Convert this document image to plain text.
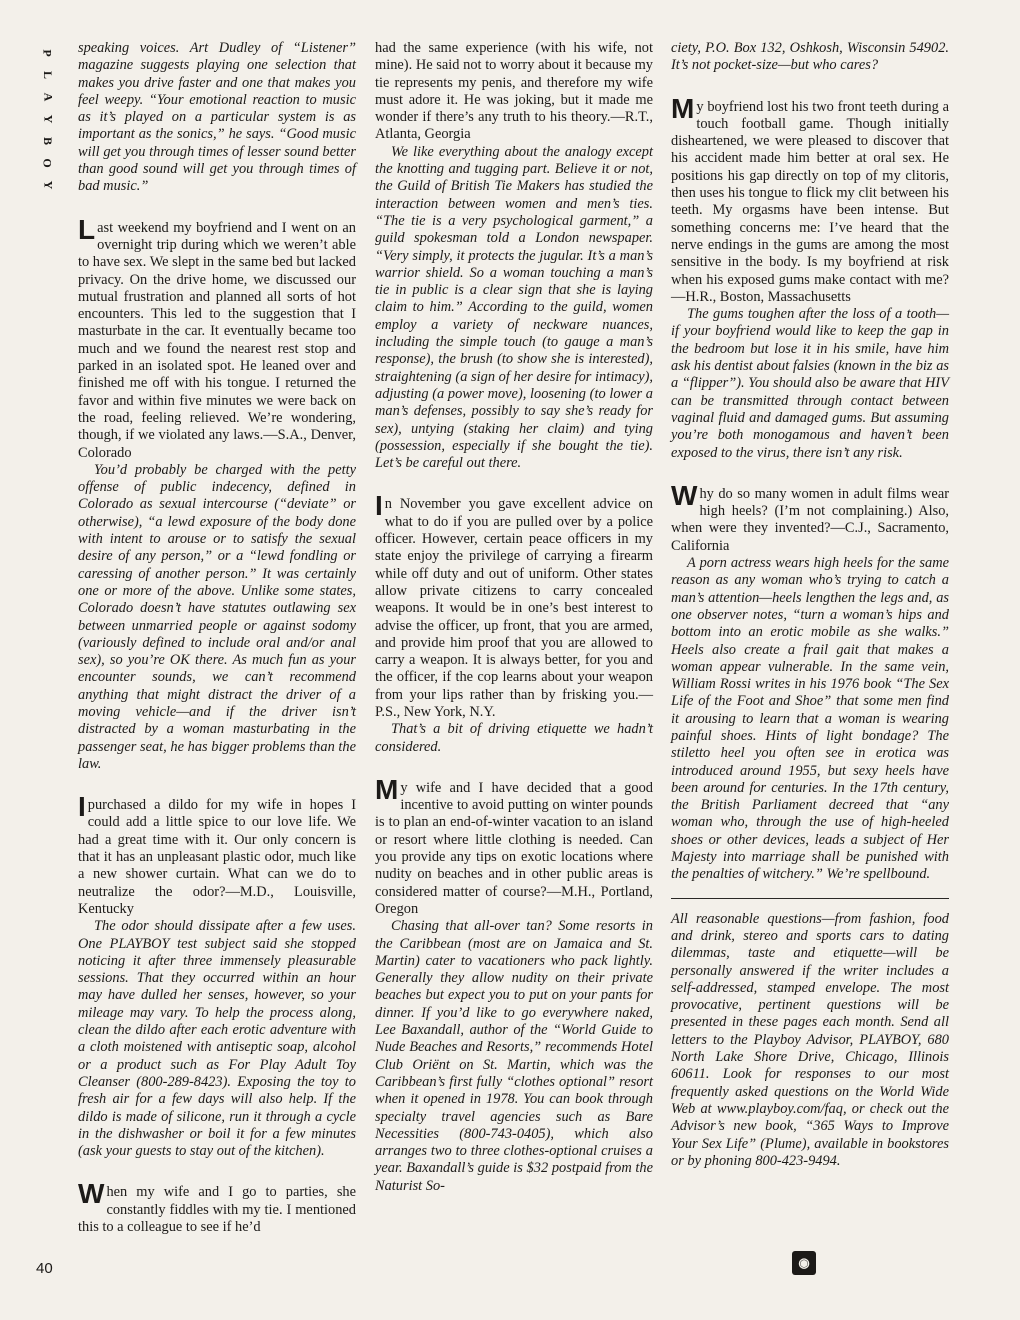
P
L
A
Y
B
O
Y

speaking voices. Art Dudley of “Listener” magazine suggests playing one selection that makes you drive faster and one that makes you feel weepy. “Your emotional reaction to music as it’s played on a particular system is as important as the sonics,” he says. “Good music will get you through times of lesser sound better than good sound will get you through times of bad music.”

Last weekend my boyfriend and I went on an overnight trip during which we weren’t able to have sex. We slept in the same bed but lacked privacy. On the drive home, we discussed our mutual frustration and planned all sorts of hot encounters. This led to the suggestion that I masturbate in the car. It eventually became too much and we found the nearest rest stop and parked in an isolated spot. He leaned over and finished me off with his tongue. I returned the favor and within five minutes we were back on the road, feeling relieved. We’re wondering, though, if we violated any laws.—S.A., Denver, Colorado

You’d probably be charged with the petty offense of public indecency, defined in Colorado as sexual intercourse (“deviate” or otherwise), “a lewd exposure of the body done with intent to arouse or to satisfy the sexual desire of any person,” or a “lewd fondling or caressing of another person.” It was certainly one or more of the above. Unlike some states, Colorado doesn’t have statutes outlawing sex between unmarried people or against sodomy (variously defined to include oral and/or anal sex), so you’re OK there. As much fun as your encounter sounds, we can’t recommend anything that might distract the driver of a moving vehicle—and if the driver isn’t distracted by a woman masturbating in the passenger seat, he has bigger problems than the law.

I purchased a dildo for my wife in hopes I could add a little spice to our love life. We had a great time with it. Our only concern is that it has an unpleasant plastic odor, much like a new shower curtain. What can we do to neutralize the odor?—M.D., Louisville, Kentucky

The odor should dissipate after a few uses. One PLAYBOY test subject said she stopped noticing it after three immensely pleasurable sessions. That they occurred within an hour may have dulled her senses, however, so your mileage may vary. To help the process along, clean the dildo after each erotic adventure with a cloth moistened with antiseptic soap, alcohol or a product such as For Play Adult Toy Cleanser (800-289-8423). Exposing the toy to fresh air for a few days will also help. If the dildo is made of silicone, run it through a cycle in the dishwasher or boil it for a few minutes (ask your guests to stay out of the kitchen).

When my wife and I go to parties, she constantly fiddles with my tie. I mentioned this to a colleague to see if he’d

had the same experience (with his wife, not mine). He said not to worry about it because my tie represents my penis, and therefore my wife must adore it. He was joking, but it made me wonder if there’s any truth to his theory.—R.T., Atlanta, Georgia

We like everything about the analogy except the knotting and tugging part. Believe it or not, the Guild of British Tie Makers has studied the interaction between women and men’s ties. “The tie is a very psychological garment,” a guild spokesman told a London newspaper. “Very simply, it protects the jugular. It’s a man’s warrior shield. So a woman touching a man’s tie in public is a clear sign that she is laying claim to him.” According to the guild, women employ a variety of neckware nuances, including the simple touch (to gauge a man’s response), the brush (to show she is interested), straightening (a sign of her desire for intimacy), adjusting (a power move), loosening (to lower a man’s defenses, possibly to say she’s ready for sex), untying (staking her claim) and tying (possession, especially if she bought the tie). Let’s be careful out there.

In November you gave excellent advice on what to do if you are pulled over by a police officer. However, certain peace officers in my state enjoy the privilege of carrying a firearm while off duty and out of uniform. Other states allow private citizens to carry concealed weapons. It would be in one’s best interest to advise the officer, up front, that you are armed, and provide him proof that you are allowed to carry a weapon. It is always better, for you and the officer, if the cop learns about your weapon from your lips rather than by frisking you.—P.S., New York, N.Y.

That’s a bit of driving etiquette we hadn’t considered.

My wife and I have decided that a good incentive to avoid putting on winter pounds is to plan an end-of-winter vacation to an island or resort where little clothing is needed. Can you provide any tips on exotic locations where nudity on beaches and in other public areas is considered matter of course?—M.H., Portland, Oregon

Chasing that all-over tan? Some resorts in the Caribbean (most are on Jamaica and St. Martin) cater to vacationers who pack lightly. Generally they allow nudity on their private beaches but expect you to put on your pants for dinner. If you’d like to go everywhere naked, Lee Baxandall, author of the “World Guide to Nude Beaches and Resorts,” recommends Hotel Club Oriënt on St. Martin, which was the Caribbean’s first fully “clothes optional” resort when it opened in 1978. You can book through specialty travel agencies such as Bare Necessities (800-743-0405), which also arranges two to three clothes-optional cruises a year. Baxandall’s guide is $32 postpaid from the Naturist So-

ciety, P.O. Box 132, Oshkosh, Wisconsin 54902. It’s not pocket-size—but who cares?

My boyfriend lost his two front teeth during a touch football game. Though initially disheartened, we were pleased to discover that his accident made him better at oral sex. He positions his gap directly on top of my clitoris, then uses his tongue to flick my clit between his teeth. My orgasms have been intense. But something concerns me: I’ve heard that the nerve endings in the gums are among the most sensitive in the body. Is my boyfriend at risk when his exposed gums make contact with me?—H.R., Boston, Massachusetts

The gums toughen after the loss of a tooth—if your boyfriend would like to keep the gap in the bedroom but lose it in his smile, have him ask his dentist about falsies (known in the biz as a “flipper”). You should also be aware that HIV can be transmitted through contact between vaginal fluid and damaged gums. But assuming you’re both monogamous and haven’t been exposed to the virus, there isn’t any risk.

Why do so many women in adult films wear high heels? (I’m not complaining.) Also, when were they invented?—C.J., Sacramento, California

A porn actress wears high heels for the same reason as any woman who’s trying to catch a man’s attention—heels lengthen the legs and, as one observer notes, “turn a woman’s hips and bottom into an erotic mobile as she walks.” Heels also create a frail gait that makes a woman appear vulnerable. In the same vein, William Rossi writes in his 1976 book “The Sex Life of the Foot and Shoe” that some men find it arousing to learn that a woman is wearing painful shoes. Hints of light bondage? The stiletto heel you often see in erotica was introduced around 1955, but sexy heels have been around for centuries. In the 17th century, the British Parliament decreed that “any woman who, through the use of high-heeled shoes or other devices, leads a subject of Her Majesty into marriage shall be punished with the penalties of witchery.” We’re spellbound.

All reasonable questions—from fashion, food and drink, stereo and sports cars to dating dilemmas, taste and etiquette—will be personally answered if the writer includes a self-addressed, stamped envelope. The most provocative, pertinent questions will be presented in these pages each month. Send all letters to the Playboy Advisor, PLAYBOY, 680 North Lake Shore Drive, Chicago, Illinois 60611. Look for responses to our most frequently asked questions on the World Wide Web at www.playboy.com/faq, or check out the Advisor’s new book, “365 Ways to Improve Your Sex Life” (Plume), available in bookstores or by phoning 800-423-9494.

40	◉
